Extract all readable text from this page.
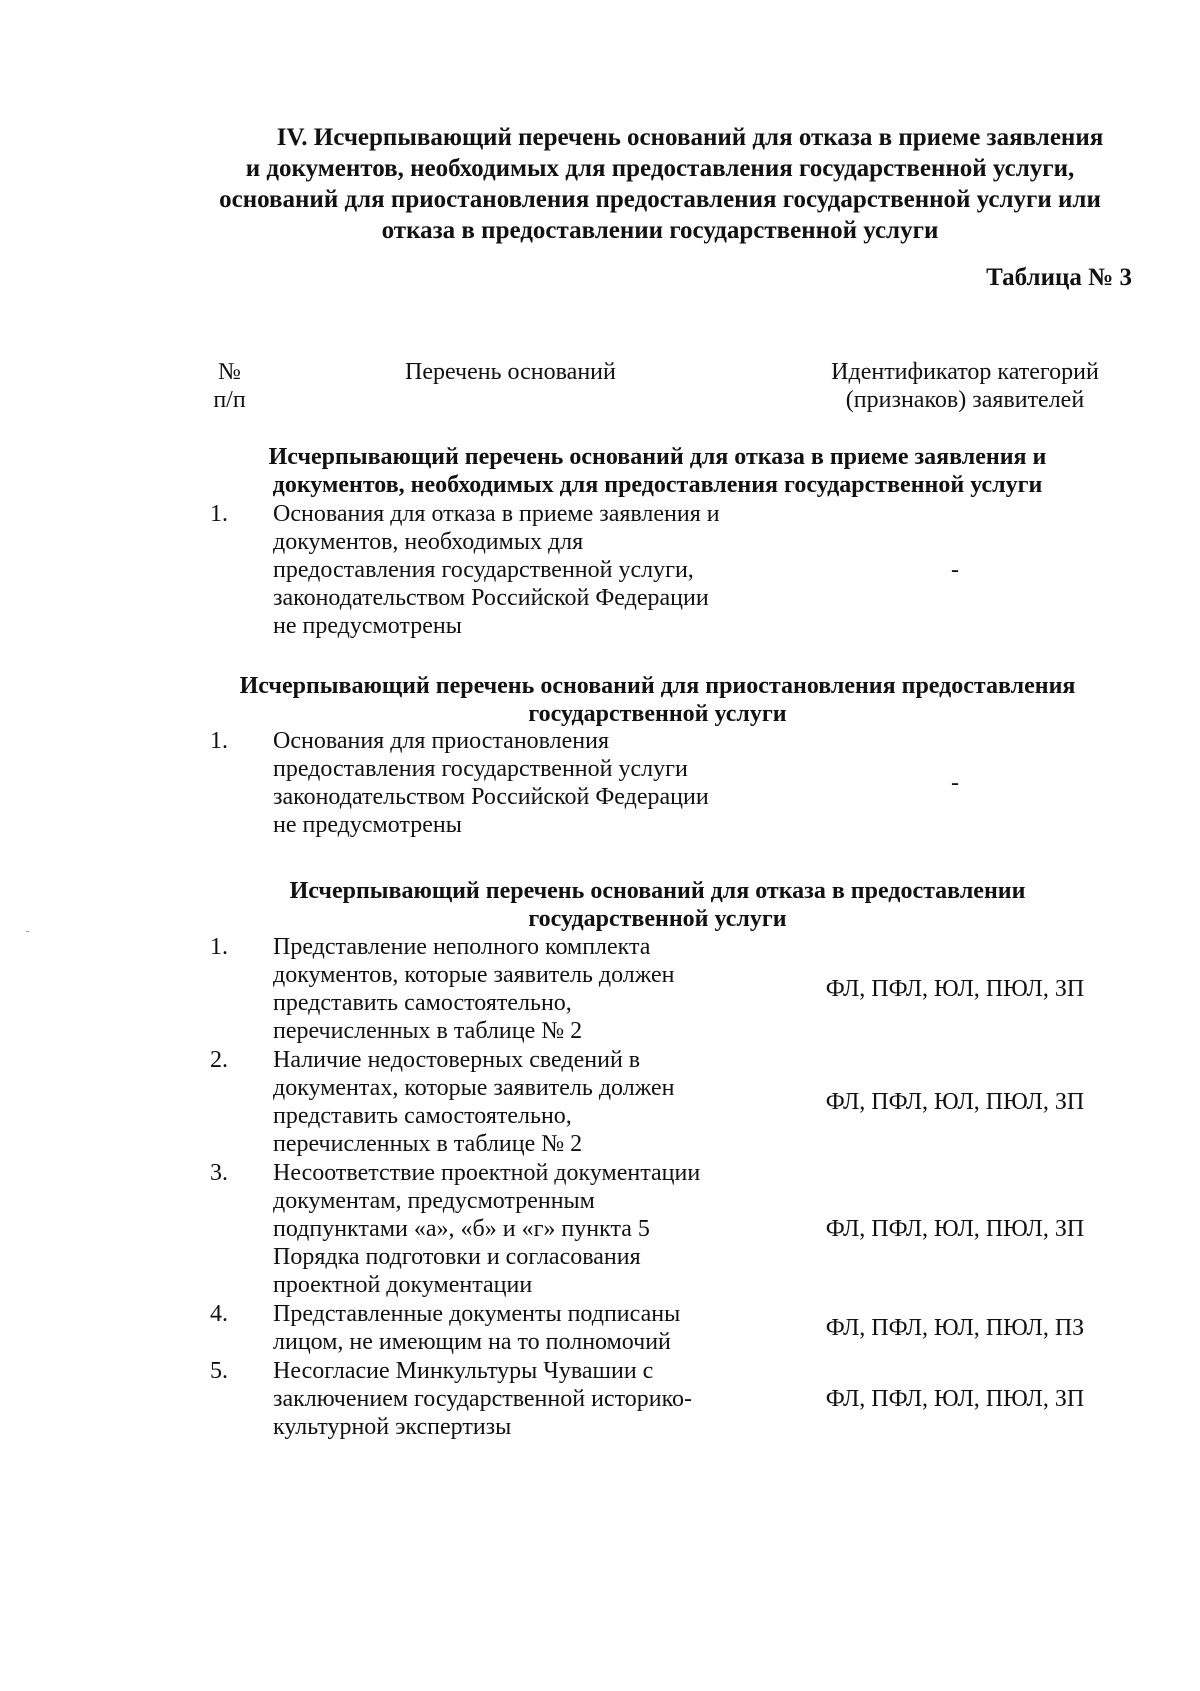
IV. Исчерпывающий перечень оснований для отказа в приеме заявления
и документов, необходимых для предоставления государственной услуги,
оснований для приостановления предоставления государственной услуги или
отказа в предоставлении государственной услуги
Таблица № 3
№
п/п
Перечень оснований	Идентификатор категорий
(признаков) заявителей
Исчерпывающий перечень оснований для отказа в приеме заявления и
документов, необходимых для предоставления государственной услуги
1. Основания для отказа в приеме заявления и
документов, необходимых для
предоставления государственной услуги,
законодательством Российской Федерации
не предусмотрены
-
Исчерпывающий перечень оснований для приостановления предоставления
государственной услуги
1. Основания для приостановления
предоставления государственной услуги
законодательством Российской Федерации
не предусмотрены
-
Исчерпывающий перечень оснований для отказа в предоставлении
государственной услуги
1. Представление неполного комплекта
документов, которые заявитель должен
представить самостоятельно,
перечисленных в таблице № 2
ФЛ, ПФЛ, ЮЛ, ПЮЛ, ЗП
2. Наличие недостоверных сведений в
документах, которые заявитель должен
представить самостоятельно,
перечисленных в таблице № 2
ФЛ, ПФЛ, ЮЛ, ПЮЛ, ЗП
3. Несоответствие проектной документации
документам, предусмотренным
подпунктами «а», «б» и «г» пункта 5
Порядка подготовки и согласования
проектной документации
ФЛ, ПФЛ, ЮЛ, ПЮЛ, ЗП
4. Представленные документы подписаны
лицом, не имеющим на то полномочий
ФЛ, ПФЛ, ЮЛ, ПЮЛ, ПЗ
5. Несогласие Минкультуры Чувашии с
заключением государственной историко-
культурной экспертизы
ФЛ, ПФЛ, ЮЛ, ПЮЛ, ЗП
